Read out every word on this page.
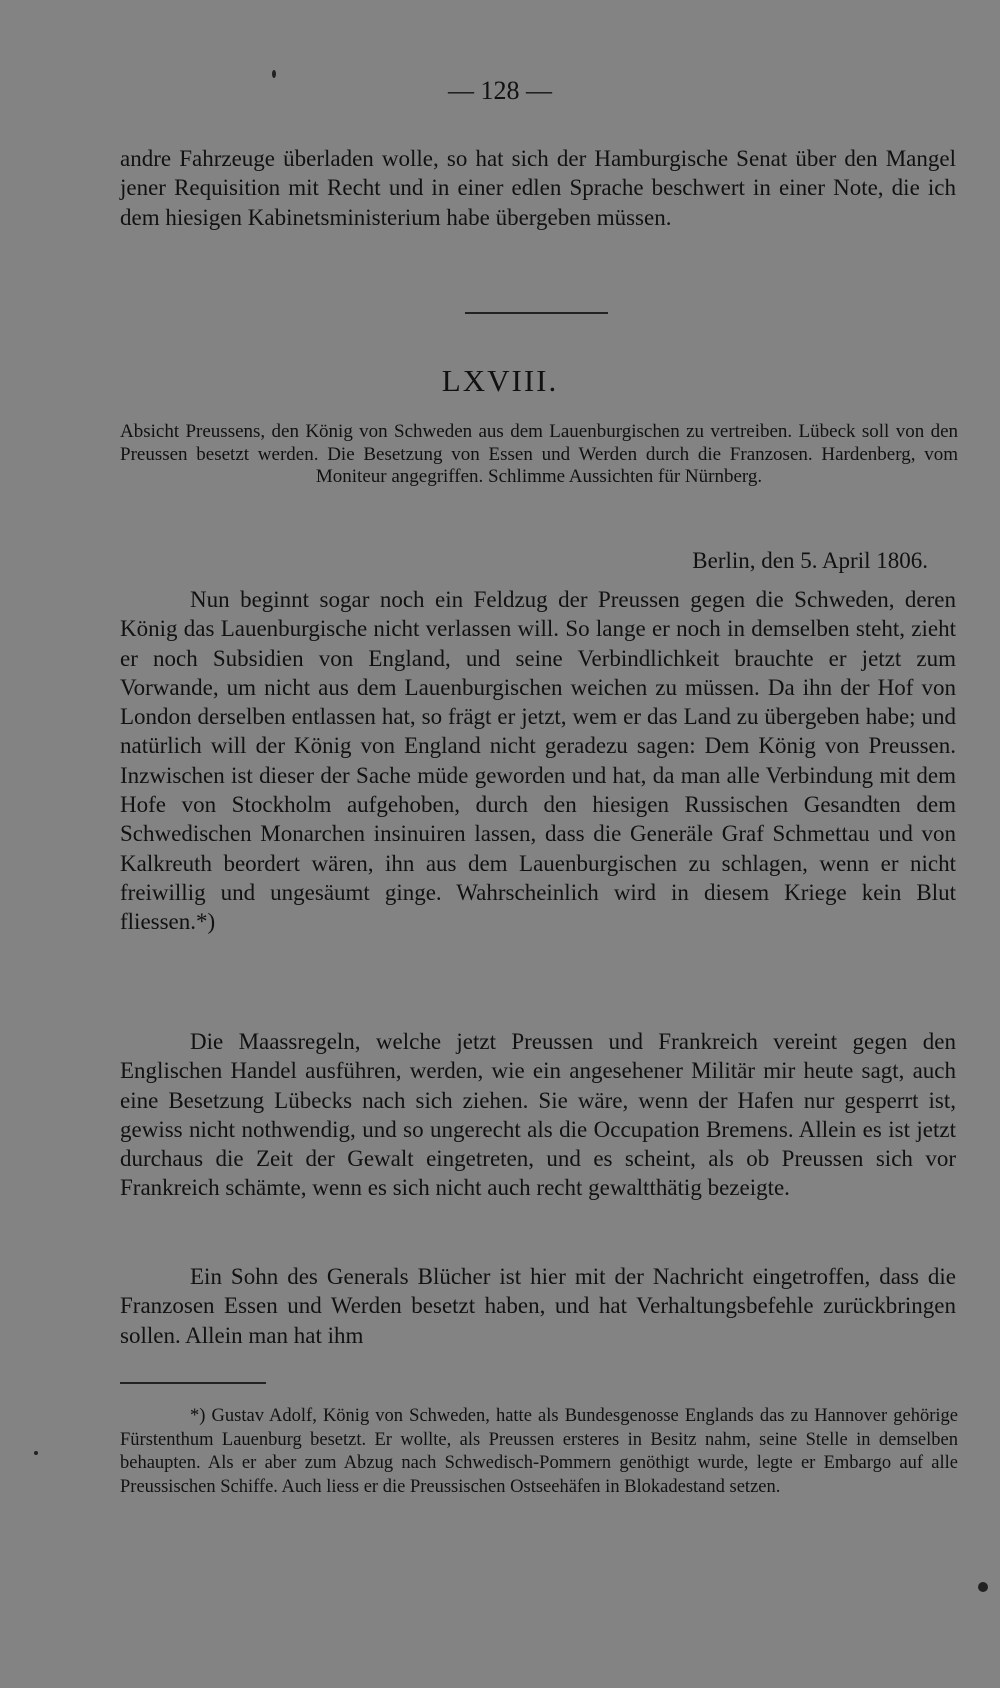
— 128 —
andre Fahrzeuge überladen wolle, so hat sich der Hamburgische Senat über den Mangel jener Requisition mit Recht und in einer edlen Sprache beschwert in einer Note, die ich dem hiesigen Kabinetsministerium habe übergeben müssen.
LXVIII.
Absicht Preussens, den König von Schweden aus dem Lauenburgischen zu vertreiben. Lübeck soll von den Preussen besetzt werden. Die Besetzung von Essen und Werden durch die Franzosen. Hardenberg, vom Moniteur angegriffen. Schlimme Aussichten für Nürnberg.
Berlin, den 5. April 1806.
Nun beginnt sogar noch ein Feldzug der Preussen gegen die Schweden, deren König das Lauenburgische nicht verlassen will. So lange er noch in demselben steht, zieht er noch Subsidien von England, und seine Verbindlichkeit brauchte er jetzt zum Vorwande, um nicht aus dem Lauenburgischen weichen zu müssen. Da ihn der Hof von London derselben entlassen hat, so frägt er jetzt, wem er das Land zu übergeben habe; und natürlich will der König von England nicht geradezu sagen: Dem König von Preussen. Inzwischen ist dieser der Sache müde geworden und hat, da man alle Verbindung mit dem Hofe von Stockholm aufgehoben, durch den hiesigen Russischen Gesandten dem Schwedischen Monarchen insinuiren lassen, dass die Generäle Graf Schmettau und von Kalkreuth beordert wären, ihn aus dem Lauenburgischen zu schlagen, wenn er nicht freiwillig und ungesäumt ginge. Wahrscheinlich wird in diesem Kriege kein Blut fliessen.*)
Die Maassregeln, welche jetzt Preussen und Frankreich vereint gegen den Englischen Handel ausführen, werden, wie ein angesehener Militär mir heute sagt, auch eine Besetzung Lübecks nach sich ziehen. Sie wäre, wenn der Hafen nur gesperrt ist, gewiss nicht nothwendig, und so ungerecht als die Occupation Bremens. Allein es ist jetzt durchaus die Zeit der Gewalt eingetreten, und es scheint, als ob Preussen sich vor Frankreich schämte, wenn es sich nicht auch recht gewaltthätig bezeigte.
Ein Sohn des Generals Blücher ist hier mit der Nachricht eingetroffen, dass die Franzosen Essen und Werden besetzt haben, und hat Verhaltungsbefehle zurückbringen sollen. Allein man hat ihm
*) Gustav Adolf, König von Schweden, hatte als Bundesgenosse Englands das zu Hannover gehörige Fürstenthum Lauenburg besetzt. Er wollte, als Preussen ersteres in Besitz nahm, seine Stelle in demselben behaupten. Als er aber zum Abzug nach Schwedisch-Pommern genöthigt wurde, legte er Embargo auf alle Preussischen Schiffe. Auch liess er die Preussischen Ostseehäfen in Blokadestand setzen.
